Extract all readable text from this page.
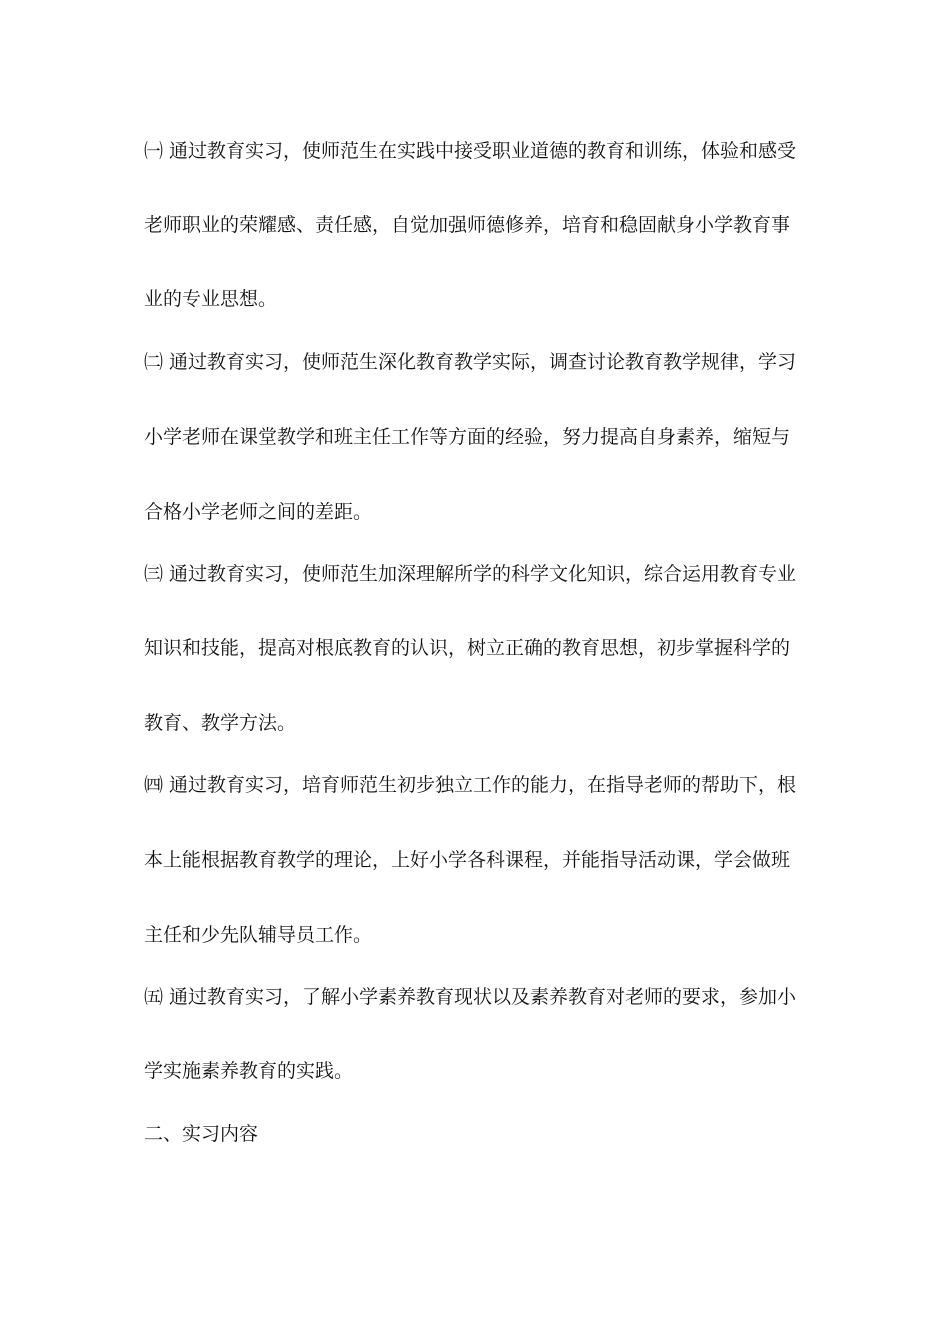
㈠ 通过教育实习，使师范生在实践中接受职业道德的教育和训练，体验和感受
老师职业的荣耀感、责任感，自觉加强师德修养，培育和稳固献身小学教育事
业的专业思想。
㈡ 通过教育实习，使师范生深化教育教学实际，调查讨论教育教学规律，学习
小学老师在课堂教学和班主任工作等方面的经验，努力提高自身素养，缩短与
合格小学老师之间的差距。
㈢ 通过教育实习，使师范生加深理解所学的科学文化知识，综合运用教育专业
知识和技能，提高对根底教育的认识，树立正确的教育思想，初步掌握科学的
教育、教学方法。
㈣ 通过教育实习，培育师范生初步独立工作的能力，在指导老师的帮助下，根
本上能根据教育教学的理论，上好小学各科课程，并能指导活动课，学会做班
主任和少先队辅导员工作。
㈤ 通过教育实习，了解小学素养教育现状以及素养教育对老师的要求，参加小
学实施素养教育的实践。
二、实习内容
